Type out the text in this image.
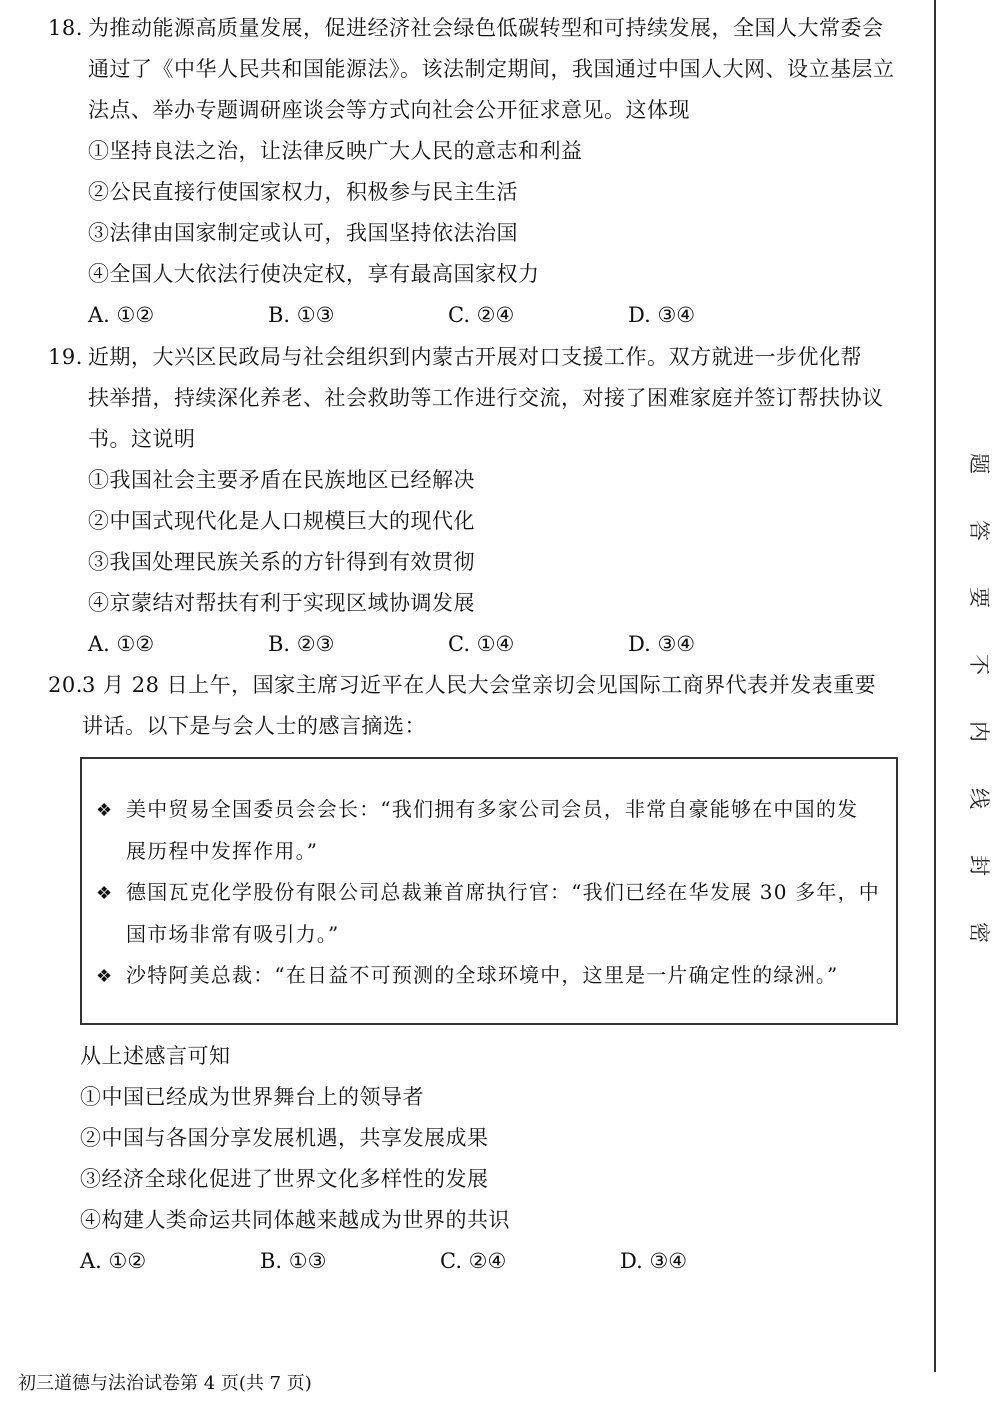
18. 为推动能源高质量发展，促进经济社会绿色低碳转型和可持续发展，全国人大常委会
通过了《中华人民共和国能源法》。该法制定期间，我国通过中国人大网、设立基层立
法点、举办专题调研座谈会等方式向社会公开征求意见。这体现
①坚持良法之治，让法律反映广大人民的意志和利益
②公民直接行使国家权力，积极参与民主生活
③法律由国家制定或认可，我国坚持依法治国
④全国人大依法行使决定权，享有最高国家权力
A. ①②	B. ①③	C. ②④	D. ③④
19. 近期，大兴区民政局与社会组织到内蒙古开展对口支援工作。双方就进一步优化帮
扶举措，持续深化养老、社会救助等工作进行交流，对接了困难家庭并签订帮扶协议
书。这说明
①我国社会主要矛盾在民族地区已经解决
②中国式现代化是人口规模巨大的现代化
③我国处理民族关系的方针得到有效贯彻
④京蒙结对帮扶有利于实现区域协调发展
A. ①②	B. ②③	C. ①④	D. ③④
20.3 月 28 日上午，国家主席习近平在人民大会堂亲切会见国际工商界代表并发表重要
讲话。以下是与会人士的感言摘选：
❖ 美中贸易全国委员会会长：“我们拥有多家公司会员，非常自豪能够在中国的发
展历程中发挥作用。”
❖ 德国瓦克化学股份有限公司总裁兼首席执行官：“我们已经在华发展 30 多年，中
国市场非常有吸引力。”
❖ 沙特阿美总裁：“在日益不可预测的全球环境中，这里是一片确定性的绿洲。”
从上述感言可知
①中国已经成为世界舞台上的领导者
②中国与各国分享发展机遇，共享发展成果
③经济全球化促进了世界文化多样性的发展
④构建人类命运共同体越来越成为世界的共识
A. ①②	B. ①③	C. ②④	D. ③④
题
答
要
不
内
线
封
密
初三道德与法治试卷第 4 页(共 7 页)
